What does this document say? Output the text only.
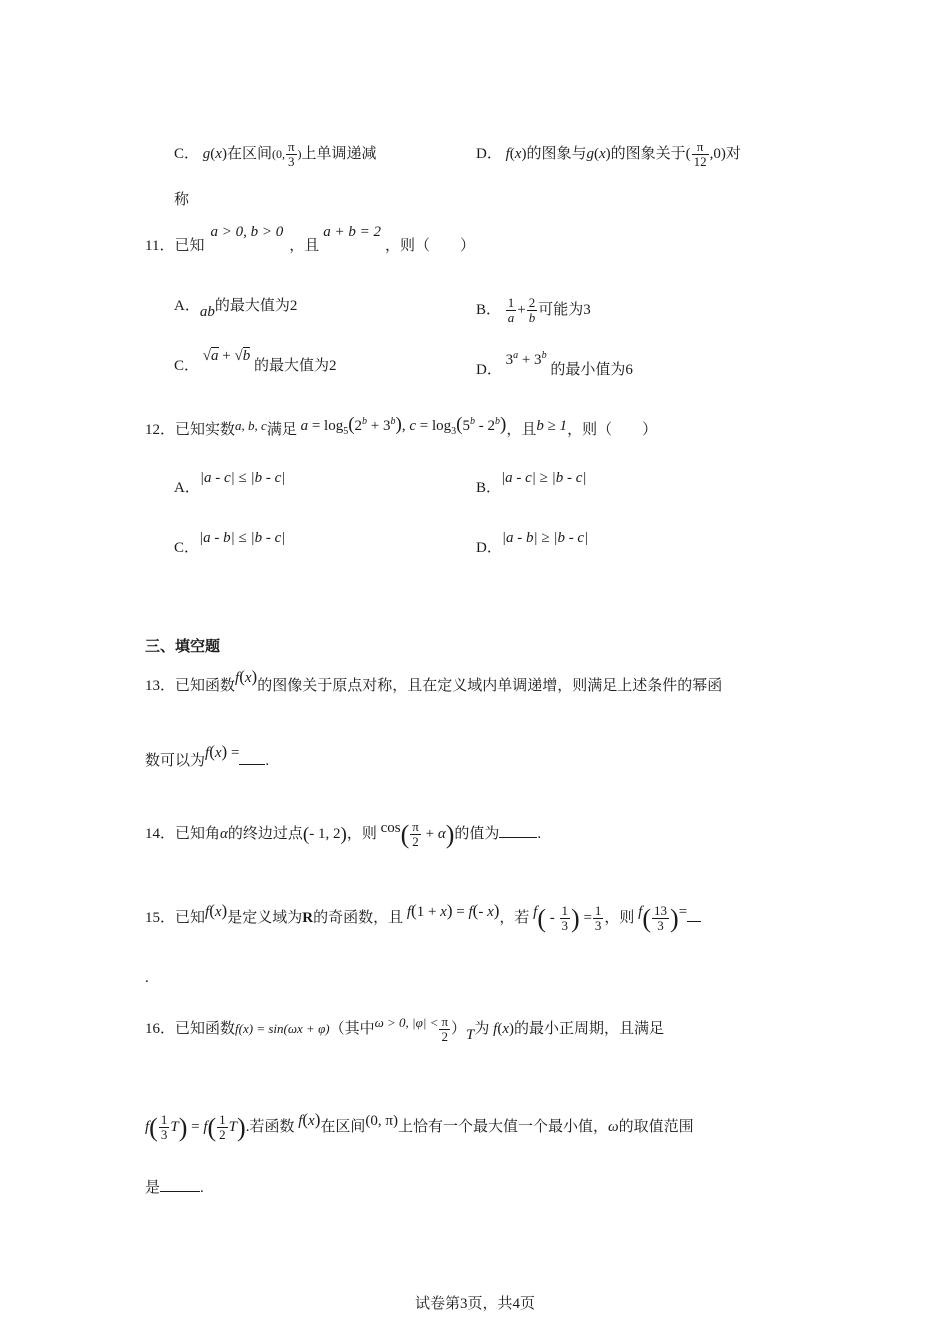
C． g(x)在区间(0, $\frac{\pi}{3}$ )上单调递减	D． f(x)的图象与g(x)的图象关于( $\frac{\pi}{12} ,0$)对
称
11．已知a > 0, b > 0，且a + b = 2，则（　　）
A．ab的最大值为2	B． $\frac{1}{a} + \frac{2}{b}$ 可能为3
C． √a + √b 的最大值为2	D． $3^a + 3^b$ 的最小值为6
12．已知实数a, b, c满足 $a = \log_5(2^b + 3^b)$, $c = \log_3(5^b - 2^b)$，且b ≥ 1，则（　　）
A．|a - c| ≤ |b - c|
B．|a - c| ≥ |b - c|
C．|a - b| ≤ |b - c|
D．|a - b| ≥ |b - c|
三、填空题
13．已知函数f(x)的图像关于原点对称，且在定义域内单调递增，则满足上述条件的幂函
数可以为f(x) = .
14．已知角α的终边过点(- 1, 2)，则 $\cos( \frac{\pi}{2} + \alpha)$的值为	.
15．已知f(x)是定义域为R的奇函数，且 f(1 + x) = f(- x)，若 $f( - \frac{1}{3}$ ) = $\frac{1}{3}$ ，则 $f( \frac{13}{3}$ )=
.
16．已知函数f(x) = sin(ωx + φ)（其中ω > 0, $|\varphi| < \frac{\pi}{2} )T$为 f(x)的最小正周期，且满足
$f( \frac{1}{3} T) = f( \frac{1}{2} T)$.若函数 f(x)在区间(0, π)上恰有一个最大值一个最小值，ω的取值范围
是	.
试卷第3页，共4页
